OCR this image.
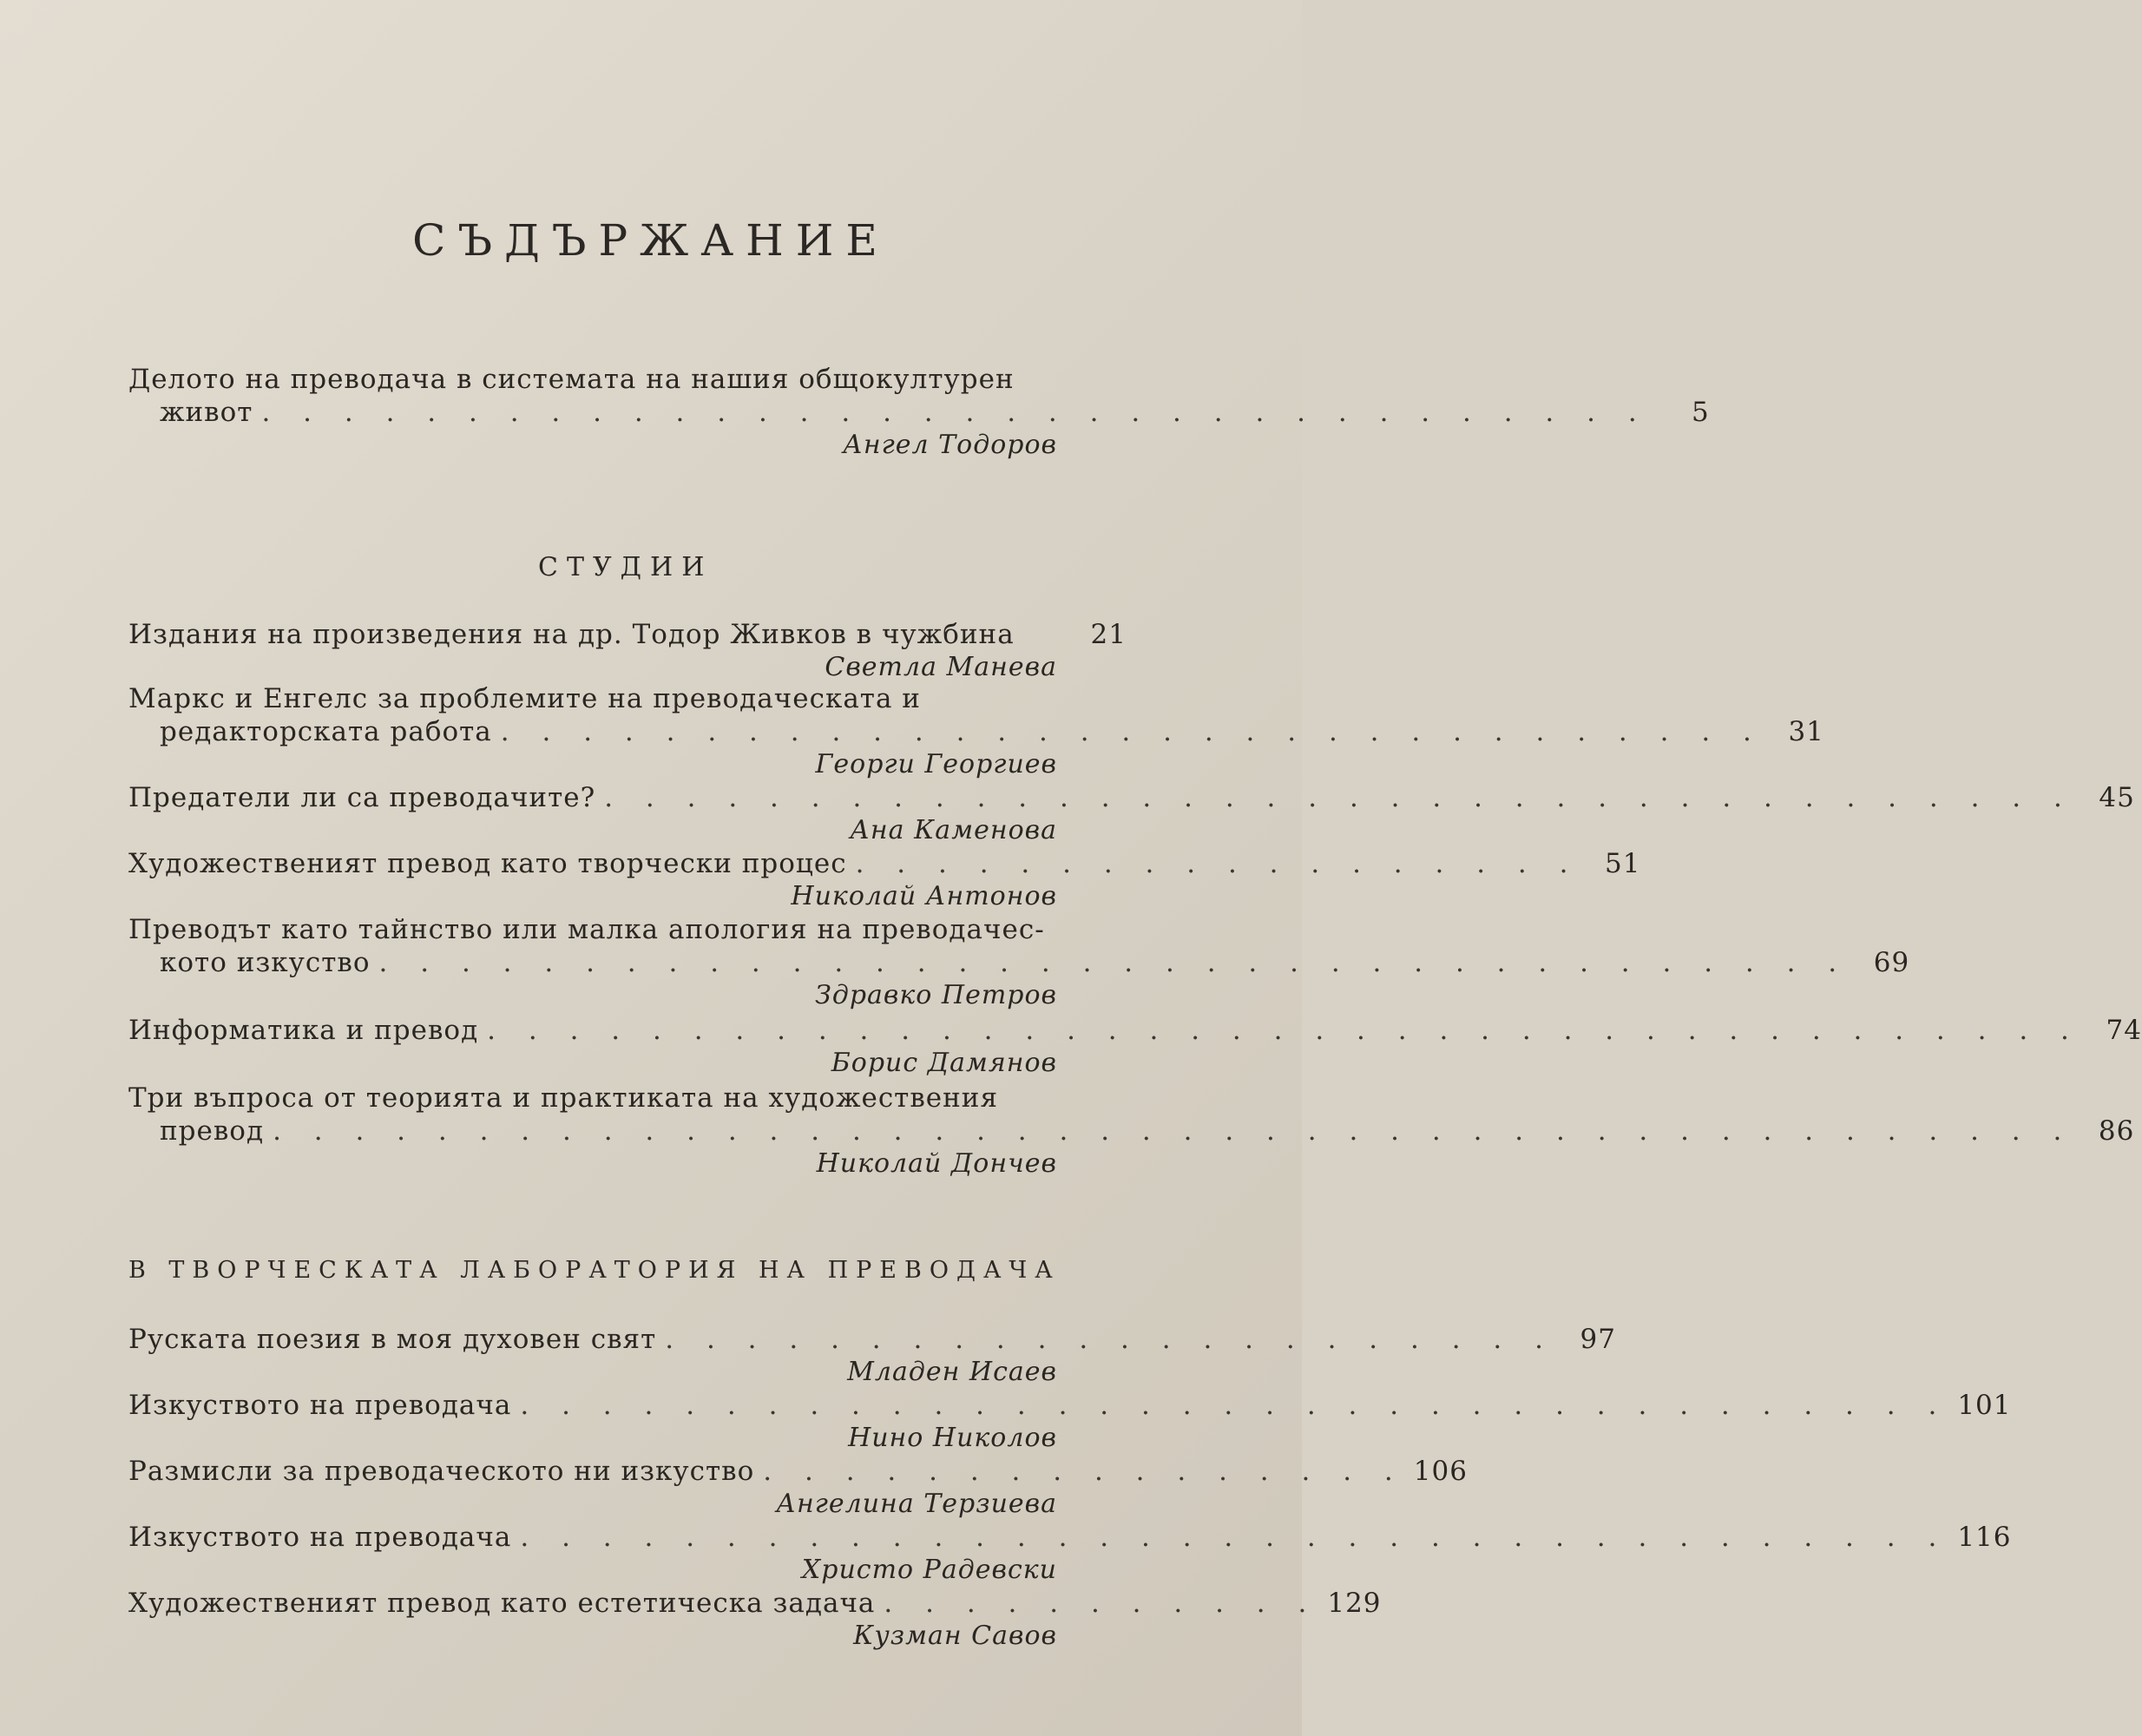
СЪДЪРЖАНИЕ
Делото на преводача в системата на нашия общокултурен
живот . . . . . . . . . . . . . . . . . . . . . . . . . . . . . . . . . .	5
Ангел Тодоров
СТУДИИ
Издания на произведения на др. Тодор Живков в чужбина	21
Светла Манева
Маркс и Енгелс за проблемите на преводаческата и
редакторската работа . . . . . . . . . . . . . . . . . . . . . . . . . . . . . . . 31
Георги Георгиев
Предатели ли са преводачите? . . . . . . . . . . . . . . . . . . . . . . . . . . . . . . . . . . . . 45
Ана Каменова
Художественият превод като творчески процес . . . . . . . . . . . . . . . . . . 51
Николай Антонов
Преводът като тайнство или малка апология на преводачес-
кото изкуство . . . . . . . . . . . . . . . . . . . . . . . . . . . . . . . . . . . . 69
Здравко Петров
Информатика и превод . . . . . . . . . . . . . . . . . . . . . . . . . . . . . . . . . . . . . . . 74
Борис Дамянов
Три въпроса от теорията и практиката на художествения
превод . . . . . . . . . . . . . . . . . . . . . . . . . . . . . . . . . . . . . . . . . . . . 86
Николай Дончев
В ТВОРЧЕСКАТА ЛАБОРАТОРИЯ НА ПРЕВОДАЧА
Руската поезия в моя духовен свят . . . . . . . . . . . . . . . . . . . . . . 97
Младен Исаев
Изкуството на преводача . . . . . . . . . . . . . . . . . . . . . . . . . . . . . . . . . . . 101
Нино Николов
Размисли за преводаческото ни изкуство . . . . . . . . . . . . . . . . 106
Ангелина Терзиева
Изкуството на преводача . . . . . . . . . . . . . . . . . . . . . . . . . . . . . . . . . . . 116
Христо Радевски
Художественият превод като естетическа задача . . . . . . . . . . . 129
Кузман Савов
